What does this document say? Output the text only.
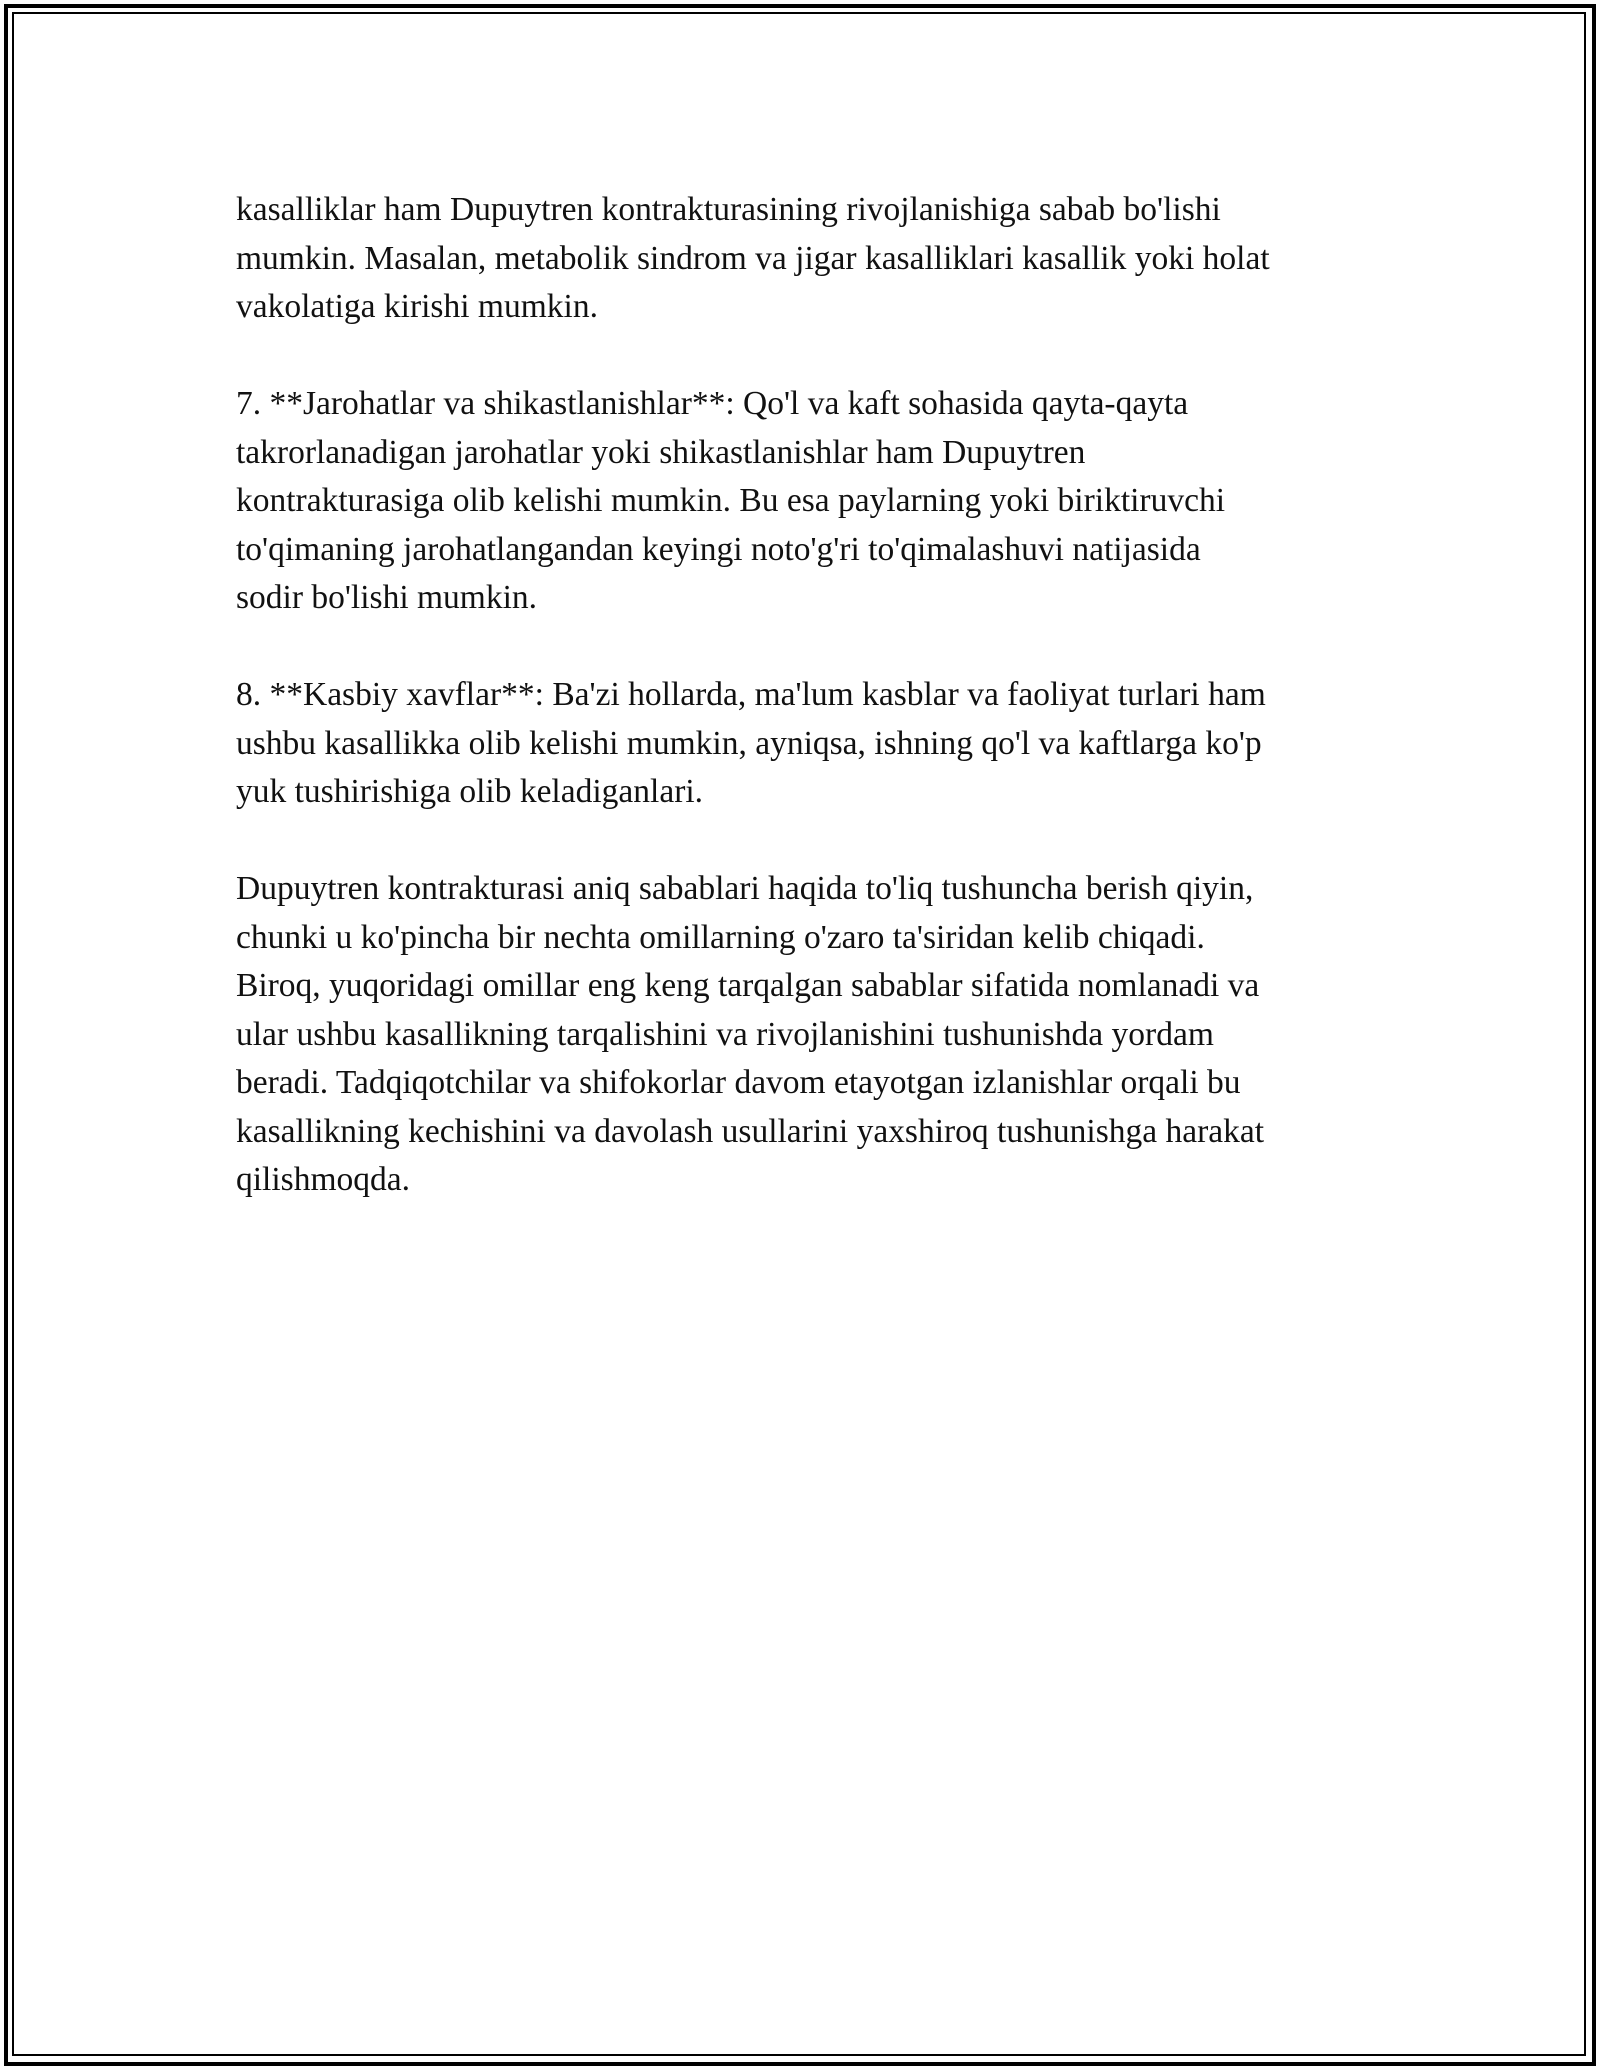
kasalliklar ham Dupuytren kontrakturasining rivojlanishiga sabab bo'lishi
mumkin. Masalan, metabolik sindrom va jigar kasalliklari kasallik yoki holat
vakolatiga kirishi mumkin.

7. **Jarohatlar va shikastlanishlar**: Qo'l va kaft sohasida qayta-qayta
takrorlanadigan jarohatlar yoki shikastlanishlar ham Dupuytren
kontrakturasiga olib kelishi mumkin. Bu esa paylarning yoki biriktiruvchi
to'qimaning jarohatlangandan keyingi noto'g'ri to'qimalashuvi natijasida
sodir bo'lishi mumkin.

8. **Kasbiy xavflar**: Ba'zi hollarda, ma'lum kasblar va faoliyat turlari ham
ushbu kasallikka olib kelishi mumkin, ayniqsa, ishning qo'l va kaftlarga ko'p
yuk tushirishiga olib keladiganlari.

Dupuytren kontrakturasi aniq sabablari haqida to'liq tushuncha berish qiyin,
chunki u ko'pincha bir nechta omillarning o'zaro ta'siridan kelib chiqadi.
Biroq, yuqoridagi omillar eng keng tarqalgan sabablar sifatida nomlanadi va
ular ushbu kasallikning tarqalishini va rivojlanishini tushunishda yordam
beradi. Tadqiqotchilar va shifokorlar davom etayotgan izlanishlar orqali bu
kasallikning kechishini va davolash usullarini yaxshiroq tushunishga harakat
qilishmoqda.
